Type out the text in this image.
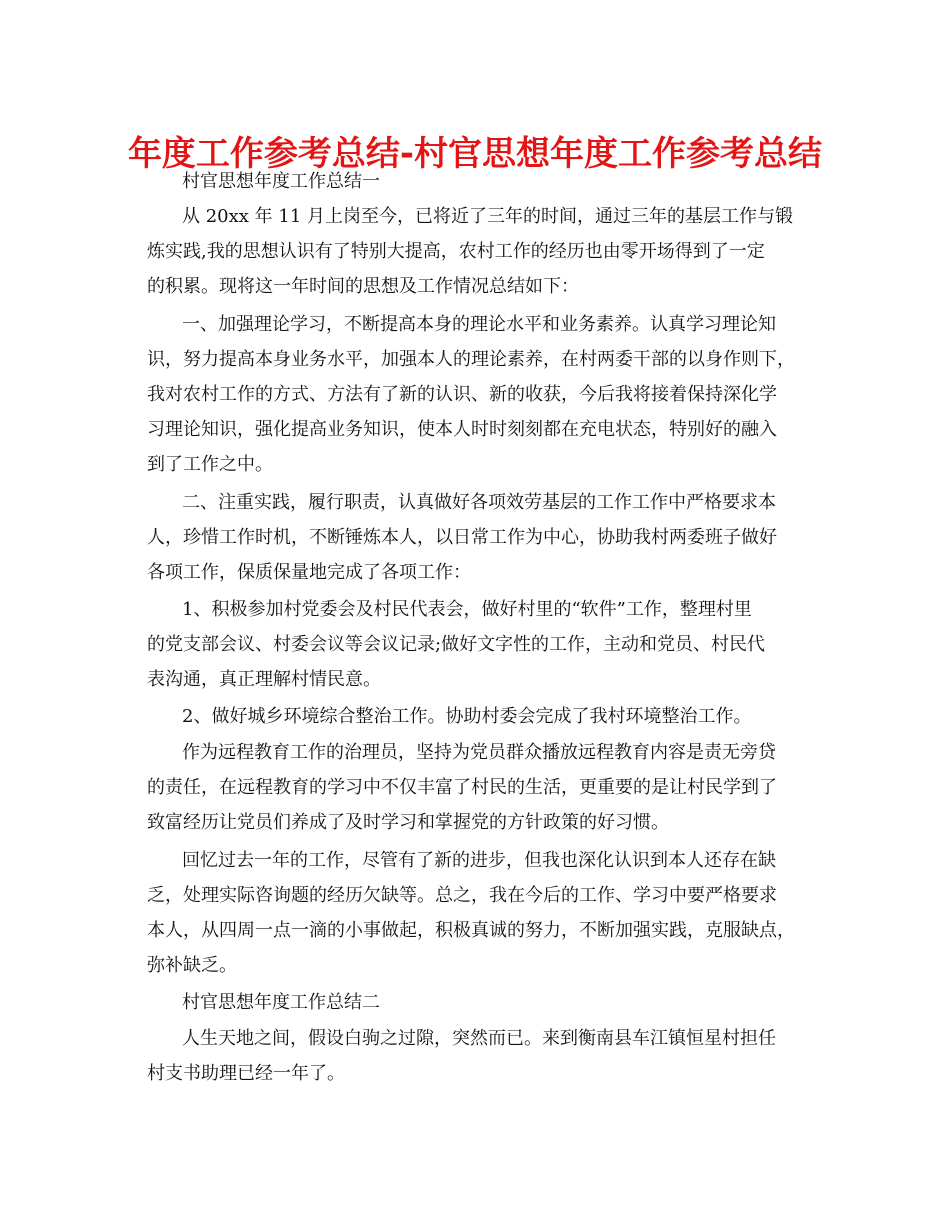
年度工作参考总结-村官思想年度工作参考总结
村官思想年度工作总结一
从 20xx 年 11 月上岗至今，已将近了三年的时间，通过三年的基层工作与锻
炼实践,我的思想认识有了特别大提高，农村工作的经历也由零开场得到了一定
的积累。现将这一年时间的思想及工作情况总结如下：
一、加强理论学习，不断提高本身的理论水平和业务素养。认真学习理论知
识，努力提高本身业务水平，加强本人的理论素养，在村两委干部的以身作则下，
我对农村工作的方式、方法有了新的认识、新的收获，今后我将接着保持深化学
习理论知识，强化提高业务知识，使本人时时刻刻都在充电状态，特别好的融入
到了工作之中。
二、注重实践，履行职责，认真做好各项效劳基层的工作工作中严格要求本
人，珍惜工作时机，不断锤炼本人，以日常工作为中心，协助我村两委班子做好
各项工作，保质保量地完成了各项工作：
1、积极参加村党委会及村民代表会，做好村里的“软件”工作，整理村里
的党支部会议、村委会议等会议记录;做好文字性的工作，主动和党员、村民代
表沟通，真正理解村情民意。
2、做好城乡环境综合整治工作。协助村委会完成了我村环境整治工作。
作为远程教育工作的治理员，坚持为党员群众播放远程教育内容是责无旁贷
的责任，在远程教育的学习中不仅丰富了村民的生活，更重要的是让村民学到了
致富经历让党员们养成了及时学习和掌握党的方针政策的好习惯。
回忆过去一年的工作，尽管有了新的进步，但我也深化认识到本人还存在缺
乏，处理实际咨询题的经历欠缺等。总之，我在今后的工作、学习中要严格要求
本人，从四周一点一滴的小事做起，积极真诚的努力，不断加强实践，克服缺点，
弥补缺乏。
村官思想年度工作总结二
人生天地之间，假设白驹之过隙，突然而已。来到衡南县车江镇恒星村担任
村支书助理已经一年了。
